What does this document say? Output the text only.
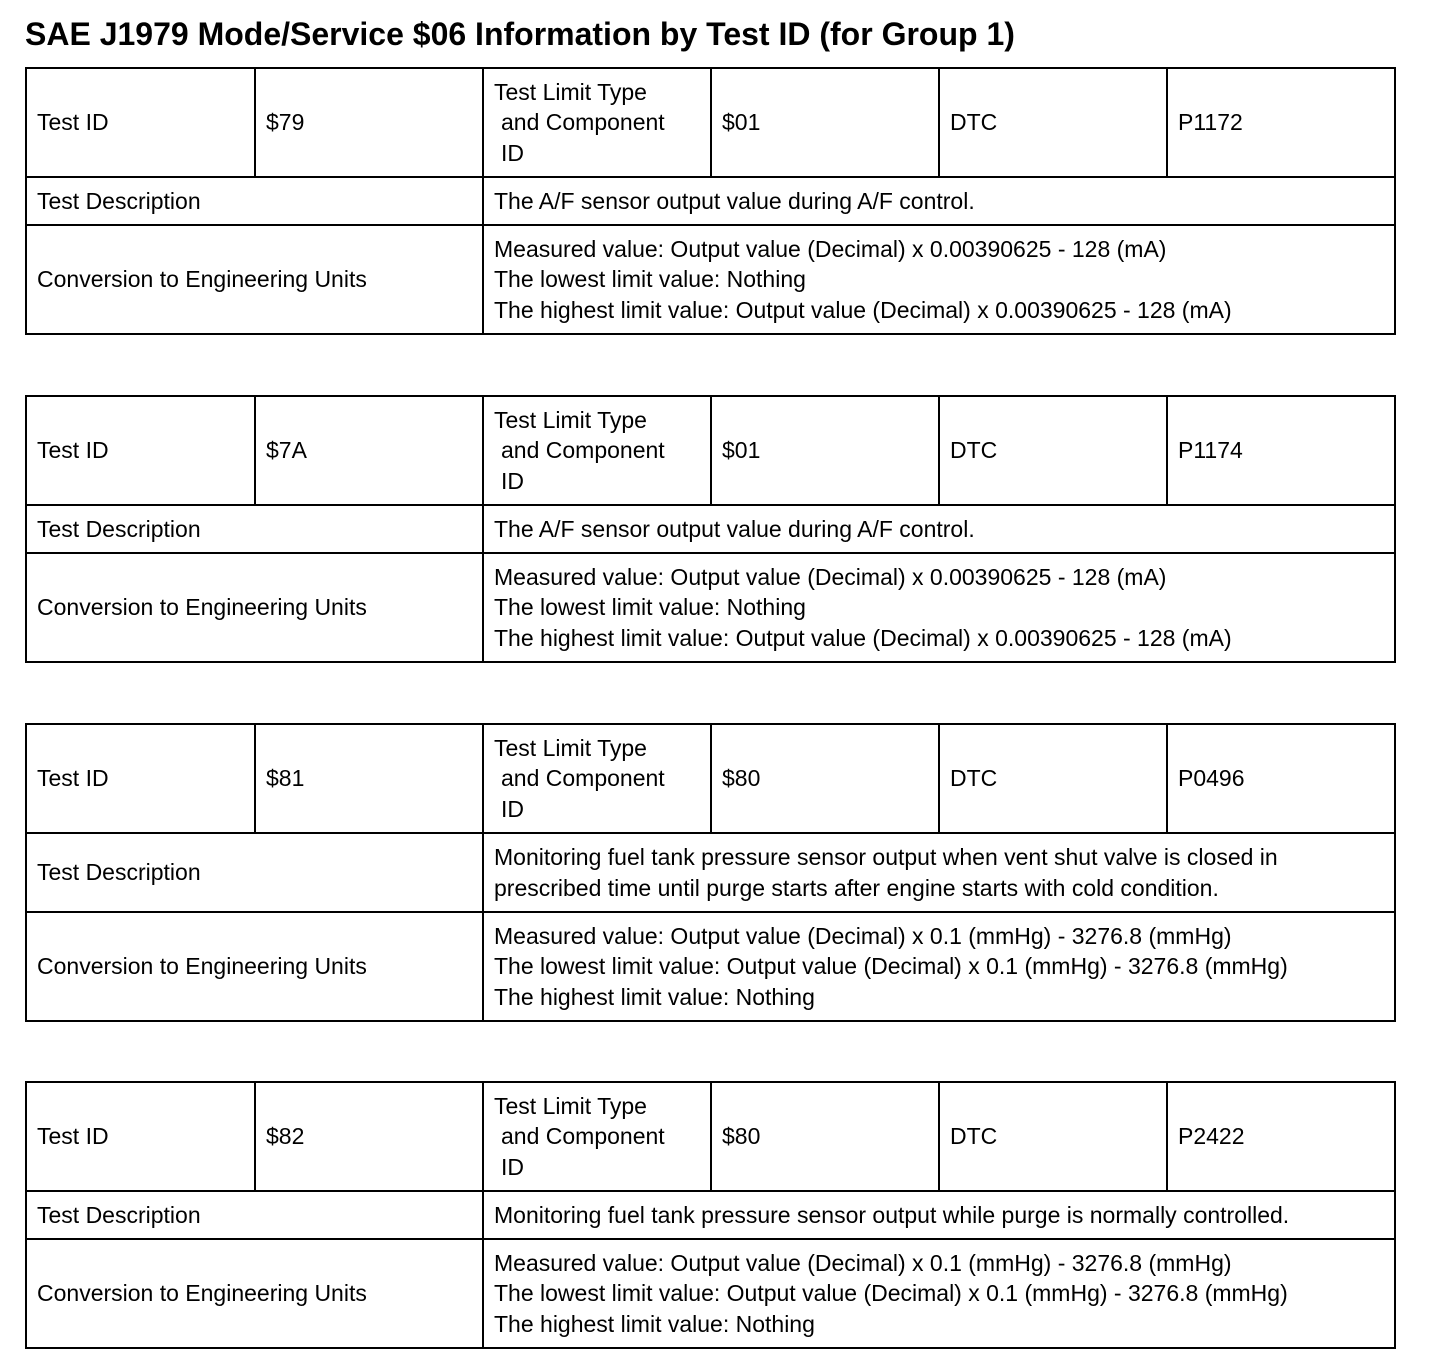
SAE J1979 Mode/Service $06 Information by Test ID (for Group 1)
Test ID	$79	Test Limit Type
and Component
ID	$01	DTC	P1172
Test Description		The A/F sensor output value during A/F control.			

Conversion to Engineering Units		Measured value: Output value (Decimal) x 0.00390625 - 128 (mA)
The lowest limit value: Nothing
The highest limit value: Output value (Decimal) x 0.00390625 - 128 (mA)			
Test ID	$7A	Test Limit Type
and Component
ID	$01	DTC	P1174
Test Description		The A/F sensor output value during A/F control.			

Conversion to Engineering Units		Measured value: Output value (Decimal) x 0.00390625 - 128 (mA)
The lowest limit value: Nothing
The highest limit value: Output value (Decimal) x 0.00390625 - 128 (mA)			
Test ID	$81	Test Limit Type
and Component
ID	$80	DTC	P0496
Test Description		Monitoring fuel tank pressure sensor output when vent shut valve is closed in
prescribed time until purge starts after engine starts with cold condition.			

Conversion to Engineering Units		Measured value: Output value (Decimal) x 0.1 (mmHg) - 3276.8 (mmHg)
The lowest limit value: Output value (Decimal) x 0.1 (mmHg) - 3276.8 (mmHg)
The highest limit value: Nothing			
Test ID	$82	Test Limit Type
and Component
ID	$80	DTC	P2422
Test Description		Monitoring fuel tank pressure sensor output while purge is normally controlled.			

Conversion to Engineering Units		Measured value: Output value (Decimal) x 0.1 (mmHg) - 3276.8 (mmHg)
The lowest limit value: Output value (Decimal) x 0.1 (mmHg) - 3276.8 (mmHg)
The highest limit value: Nothing			
